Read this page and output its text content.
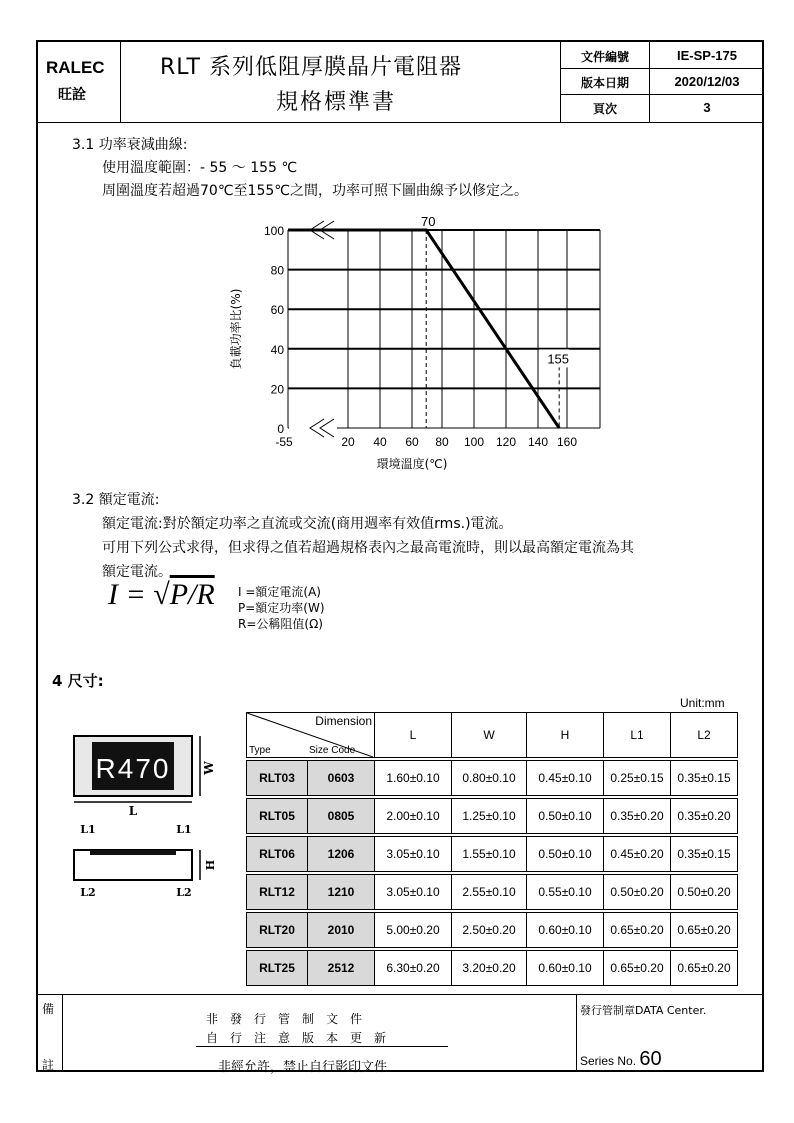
RALEC
旺詮
RLT 系列低阻厚膜晶片電阻器
規格標準書
文件編號	IE-SP-175
版本日期	2020/12/03
頁次	3
3.1 功率衰減曲線:
使用溫度範圍：- 55 ～ 155 ℃
周圍溫度若超過70℃至155℃之間，功率可照下圖曲線予以修定之。
70
155
100
80
60
40
20
0
-55	20 40 60 80 100 120 140 160
環境溫度(℃)
負載功率比(%)
3.2 額定電流:
額定電流:對於額定功率之直流或交流(商用週率有效值rms.)電流。
可用下列公式求得，但求得之值若超過規格表內之最高電流時，則以最高額定電流為其
額定電流。
I = √P/R I =額定電流(A)
P=額定功率(W)
R=公稱阻值(Ω)
4 尺寸:
Unit:mm
R470	W
L
L1	L1
H
L2	L2
Dimension
Type Size Code		L	W	H	L1	L2

RLT03	0603	1.60±0.10	0.80±0.10	0.45±0.10	0.25±0.15	0.35±0.15

RLT05	0805	2.00±0.10	1.25±0.10	0.50±0.10	0.35±0.20	0.35±0.20

RLT06	1206	3.05±0.10	1.55±0.10	0.50±0.10	0.45±0.20	0.35±0.15

RLT12	1210	3.05±0.10	2.55±0.10	0.55±0.10	0.50±0.20	0.50±0.20

RLT20	2010	5.00±0.20	2.50±0.20	0.60±0.10	0.65±0.20	0.65±0.20

RLT25	2512	6.30±0.20	3.20±0.20	0.60±0.10	0.65±0.20	0.65±0.20
備
註
非　發　行　管　制　文　件
自　行　注　意　版　本　更　新
非經允許，禁止自行影印文件
發行管制章DATA Center.
Series No. 60
